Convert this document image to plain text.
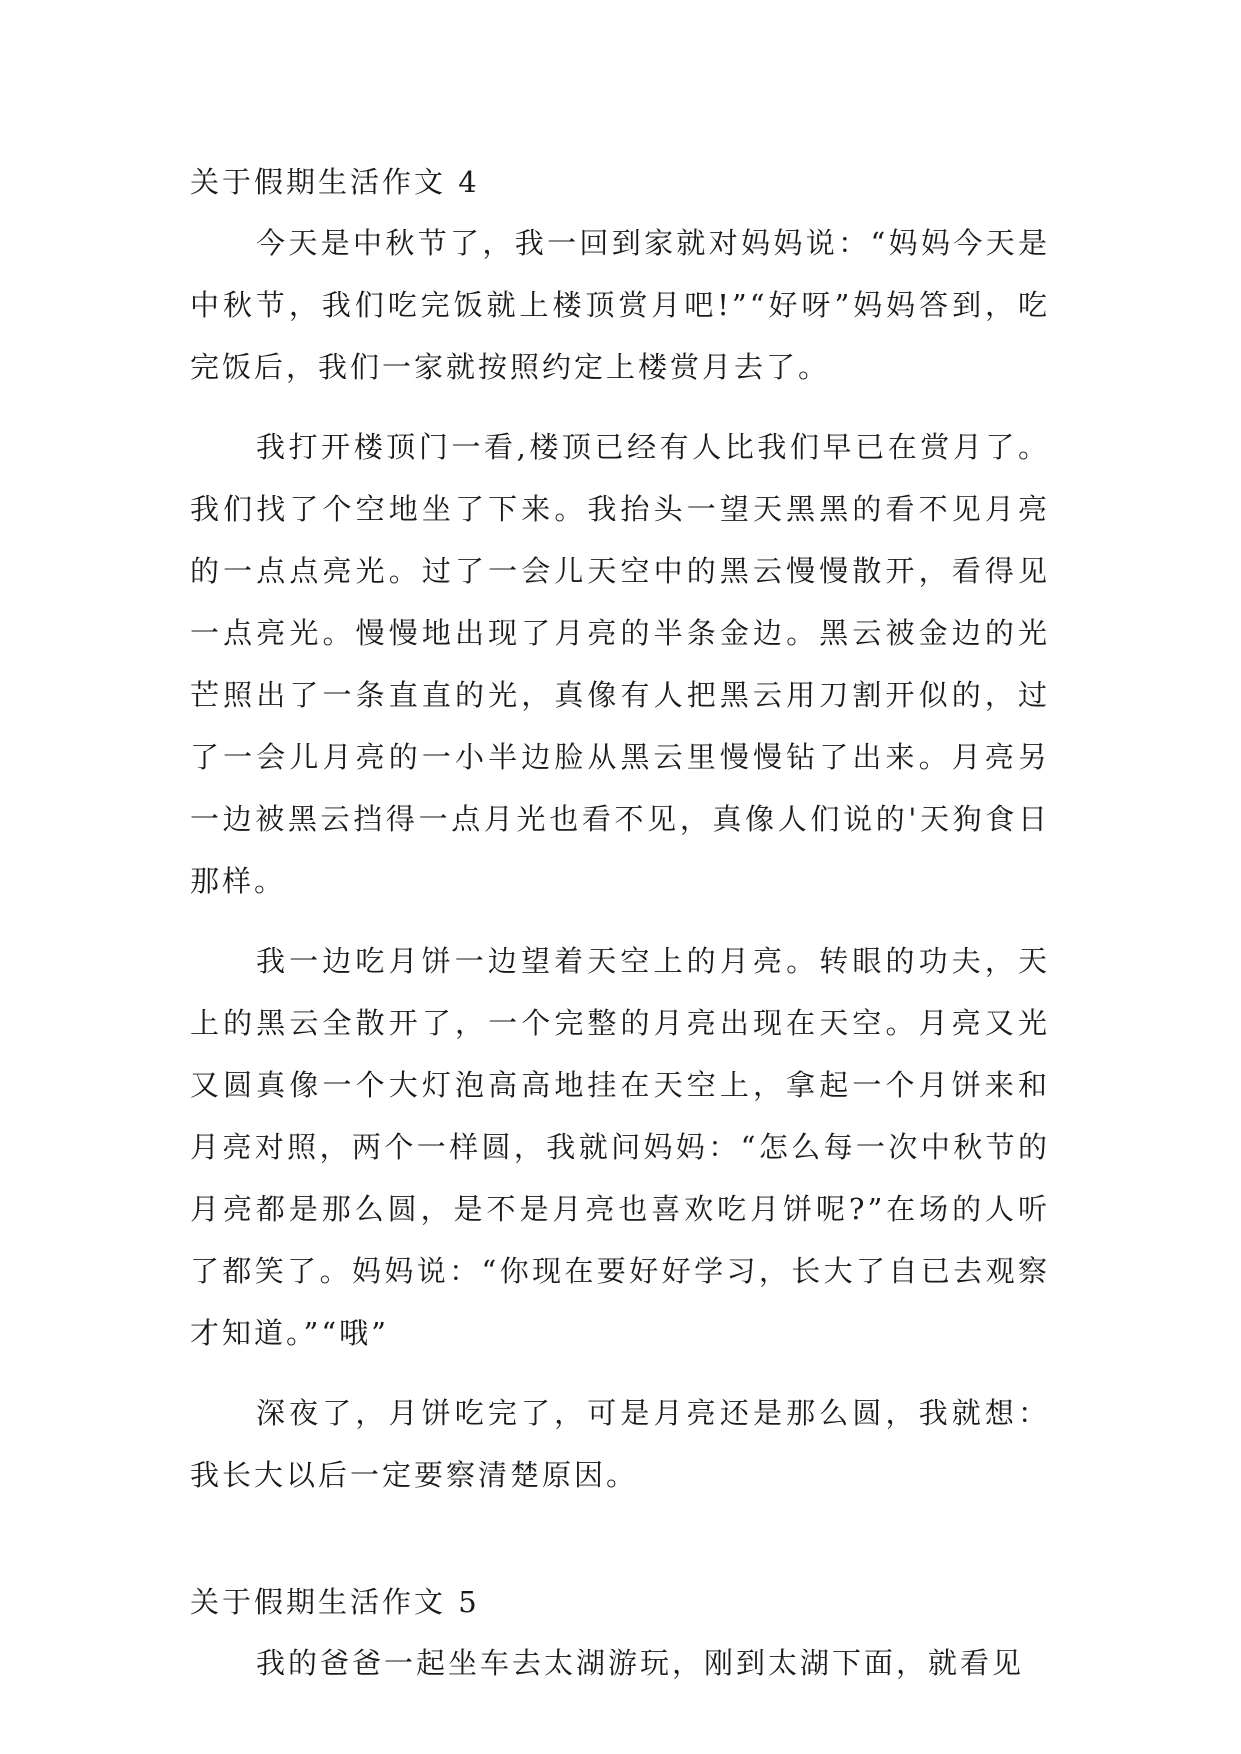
关于假期生活作文 4

今天是中秋节了，我一回到家就对妈妈说：“妈妈今天是中秋节，我们吃完饭就上楼顶赏月吧!”“好呀”妈妈答到，吃完饭后，我们一家就按照约定上楼赏月去了。

我打开楼顶门一看,楼顶已经有人比我们早已在赏月了。我们找了个空地坐了下来。我抬头一望天黑黑的看不见月亮的一点点亮光。过了一会儿天空中的黑云慢慢散开，看得见一点亮光。慢慢地出现了月亮的半条金边。黑云被金边的光芒照出了一条直直的光，真像有人把黑云用刀割开似的，过了一会儿月亮的一小半边脸从黑云里慢慢钻了出来。月亮另一边被黑云挡得一点月光也看不见，真像人们说的'天狗食日那样。

我一边吃月饼一边望着天空上的月亮。转眼的功夫，天上的黑云全散开了，一个完整的月亮出现在天空。月亮又光又圆真像一个大灯泡高高地挂在天空上，拿起一个月饼来和月亮对照，两个一样圆，我就问妈妈：“怎么每一次中秋节的月亮都是那么圆，是不是月亮也喜欢吃月饼呢?”在场的人听了都笑了。妈妈说：“你现在要好好学习，长大了自已去观察才知道。”“哦”

深夜了，月饼吃完了，可是月亮还是那么圆，我就想：我长大以后一定要察清楚原因。

关于假期生活作文 5

我的爸爸一起坐车去太湖游玩，刚到太湖下面，就看见
